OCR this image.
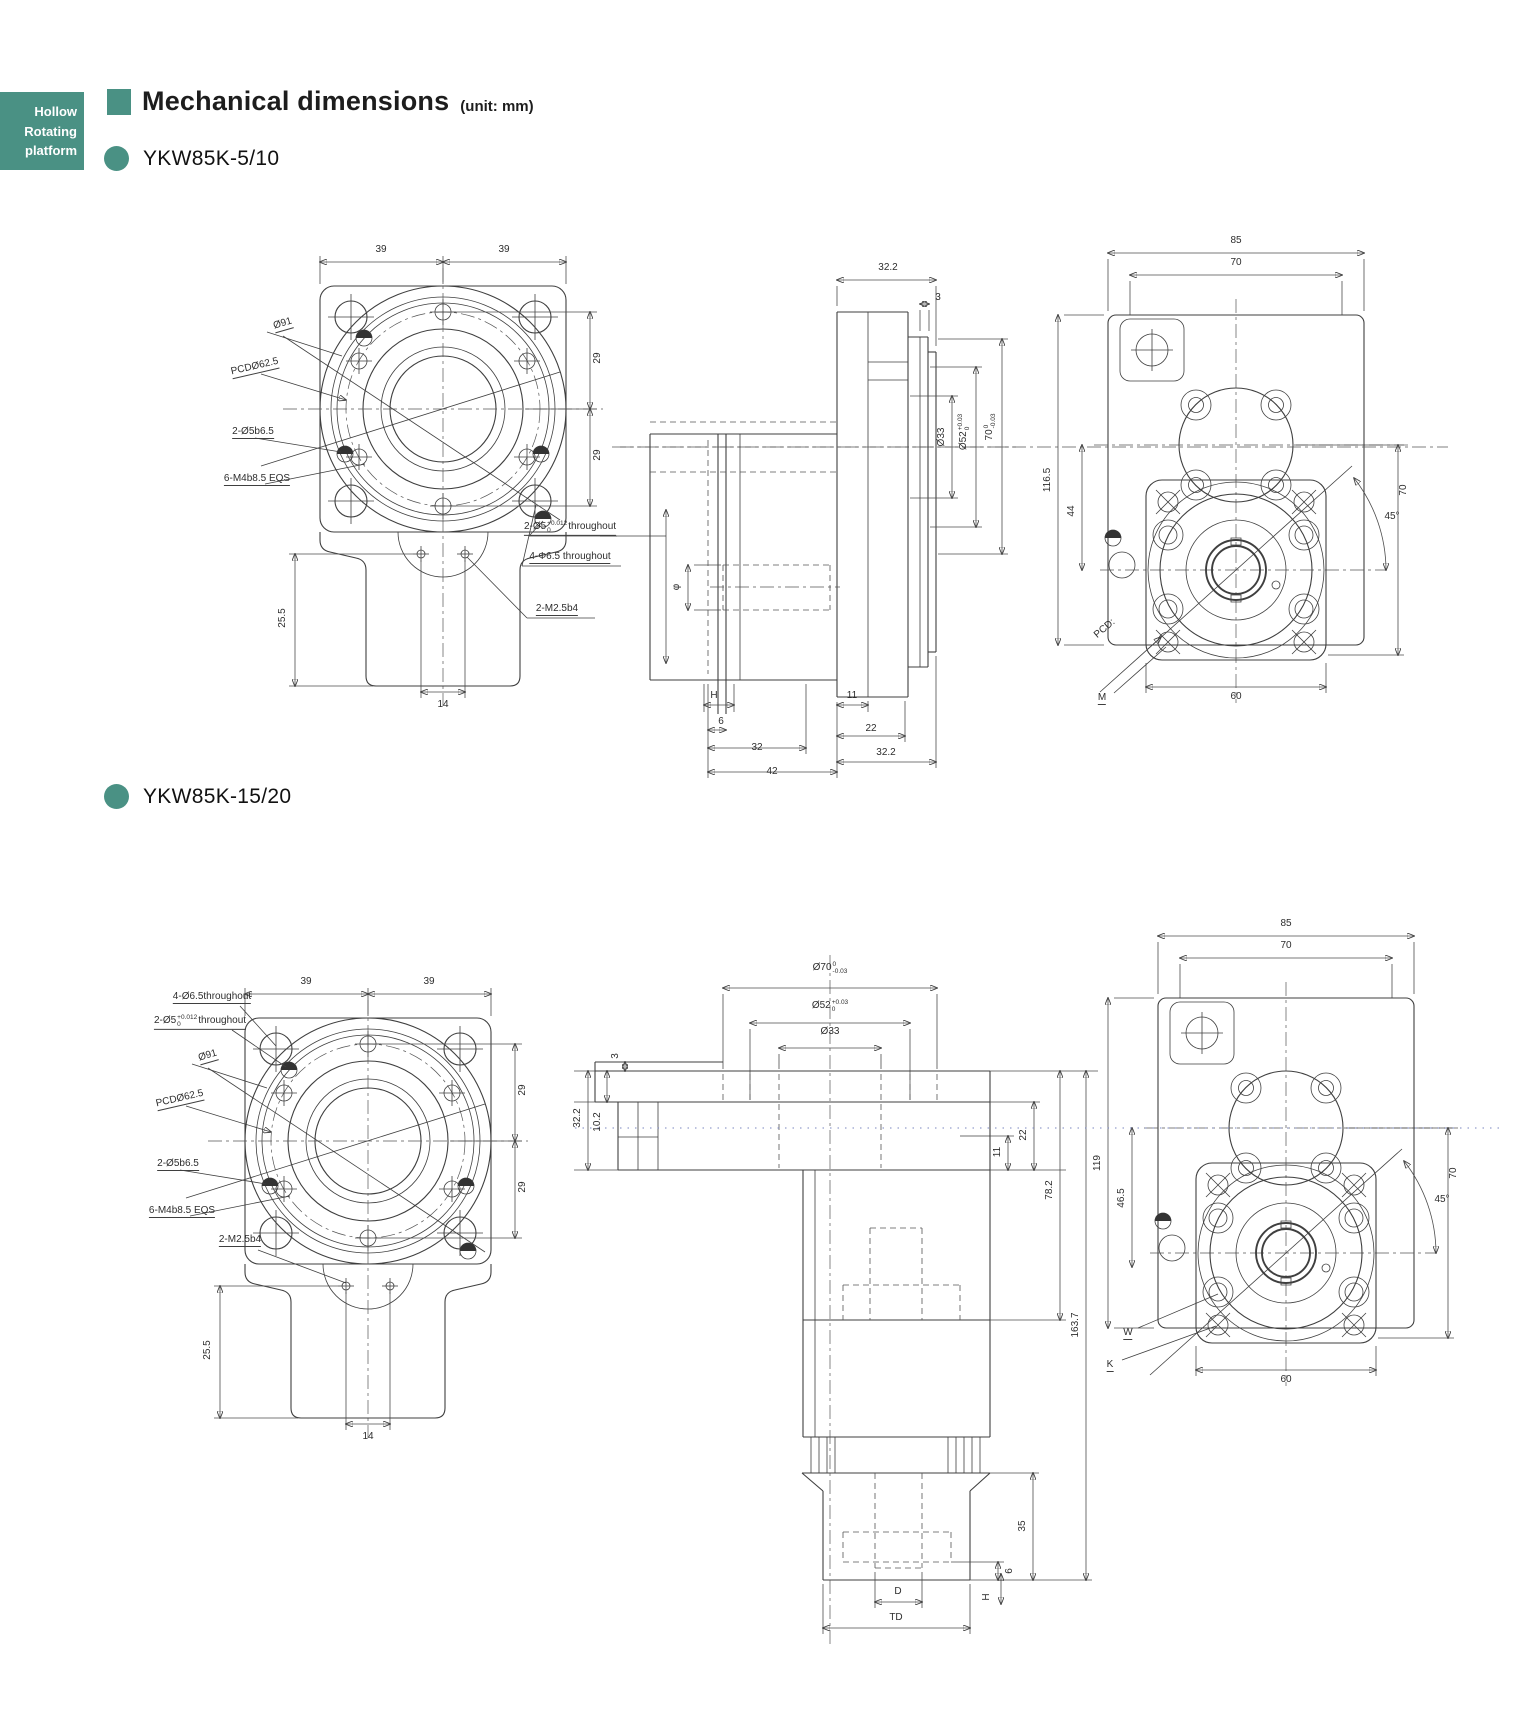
Hollow
Rotating
platform
Mechanical dimensions (unit: mm)
YKW85K-5/10
YKW85K-15/20
39	39
Ø91
PCDØ62.5
2-Ø5b6.5
6-M4b8.5 EQS
29
29
25.5
14
2-Ø5 +0.012
0	throughout
4-Φ6.5 throughout
2-M2.5b4
32.2
3
Ø33 Ø52
+0.03 0
70
0 -0.03
φ
H
6
32
42
11
22
32.2
85
70
116.5
44
70
45°
60
PCD:
M
39	39
4-Ø6.5throughout
2-Ø5 +0.012
0	throughout
Ø91
PCDØ62.5
2-Ø5b6.5
6-M4b8.5 EQS
29
29
25.5
2-M2.5b4
14
Ø70 0
-0.03
Ø52 +0.03
0
Ø33
3
32.2 10.2
11
22
78.2
163.7
35
6
H
D
TD
85
70
119
46.5
70
45°
60
W
K
